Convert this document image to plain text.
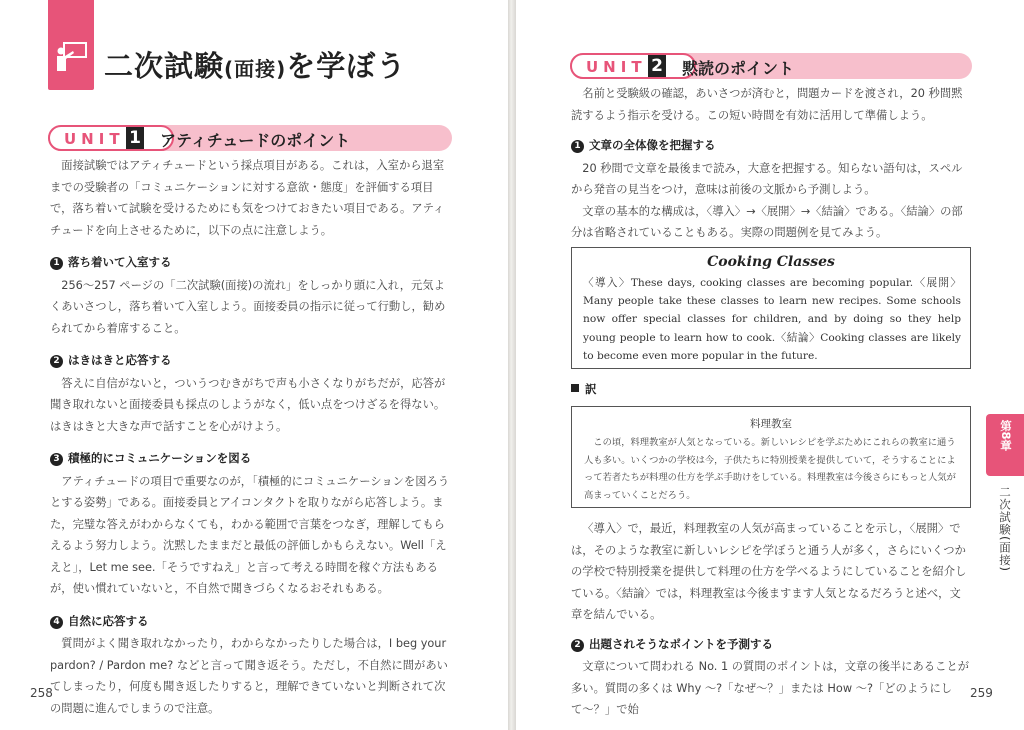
二次試験(面接)を学ぼう
UNIT 1 アティチュードのポイント

面接試験ではアティチュードという採点項目がある。これは，入室から退室までの受験者の「コミュニケーションに対する意欲・態度」を評価する項目で，落ち着いて試験を受けるためにも気をつけておきたい項目である。アティチュードを向上させるために，以下の点に注意しよう。

1 落ち着いて入室する

256〜257 ページの「二次試験(面接)の流れ」をしっかり頭に入れ，元気よくあいさつし，落ち着いて入室しよう。面接委員の指示に従って行動し，勧められてから着席すること。

2 はきはきと応答する

答えに自信がないと，ついうつむきがちで声も小さくなりがちだが，応答が聞き取れないと面接委員も採点のしようがなく，低い点をつけざるを得ない。はきはきと大きな声で話すことを心がけよう。

3 積極的にコミュニケーションを図る

アティチュードの項目で重要なのが，「積極的にコミュニケーションを図ろうとする姿勢」である。面接委員とアイコンタクトを取りながら応答しよう。また，完璧な答えがわからなくても，わかる範囲で言葉をつなぎ，理解してもらえるよう努力しよう。沈黙したままだと最低の評価しかもらえない。Well「ええと」，Let me see.「そうですねえ」と言って考える時間を稼ぐ方法もあるが，使い慣れていないと，不自然で聞きづらくなるおそれもある。

4 自然に応答する

質問がよく聞き取れなかったり，わからなかったりした場合は，I beg your pardon? / Pardon me? などと言って聞き返そう。ただし，不自然に間があいてしまったり，何度も聞き返したりすると，理解できていないと判断されて次の問題に進んでしまうので注意。

258
UNIT 2 黙読のポイント

名前と受験級の確認，あいさつが済むと，問題カードを渡され，20 秒間黙読するよう指示を受ける。この短い時間を有効に活用して準備しよう。

1 文章の全体像を把握する

20 秒間で文章を最後まで読み，大意を把握する。知らない語句は，スペルから発音の見当をつけ，意味は前後の文脈から予測しよう。

文章の基本的な構成は，〈導入〉→〈展開〉→〈結論〉である。〈結論〉の部分は省略されていることもある。実際の問題例を見てみよう。

Cooking Classes
〈導入〉These days, cooking classes are becoming popular.〈展開〉Many people take these classes to learn new recipes. Some schools now offer special classes for children, and by doing so they help young people to learn how to cook.〈結論〉Cooking classes are likely to become even more popular in the future.
訳
料理教室

この頃，料理教室が人気となっている。新しいレシピを学ぶためにこれらの教室に通う人も多い。いくつかの学校は今，子供たちに特別授業を提供していて，そうすることによって若者たちが料理の仕方を学ぶ手助けをしている。料理教室は今後さらにもっと人気が高まっていくことだろう。

〈導入〉で，最近，料理教室の人気が高まっていることを示し，〈展開〉では，そのような教室に新しいレシピを学ぼうと通う人が多く，さらにいくつかの学校で特別授業を提供して料理の仕方を学べるようにしていることを紹介している。〈結論〉では，料理教室は今後ますます人気となるだろうと述べ，文章を結んでいる。

2 出題されそうなポイントを予測する

文章について問われる No. 1 の質問のポイントは，文章の後半にあることが多い。質問の多くは Why 〜?「なぜ〜？」または How 〜?「どのようにして〜？」で始

第8章
二次試験(面接)
259
